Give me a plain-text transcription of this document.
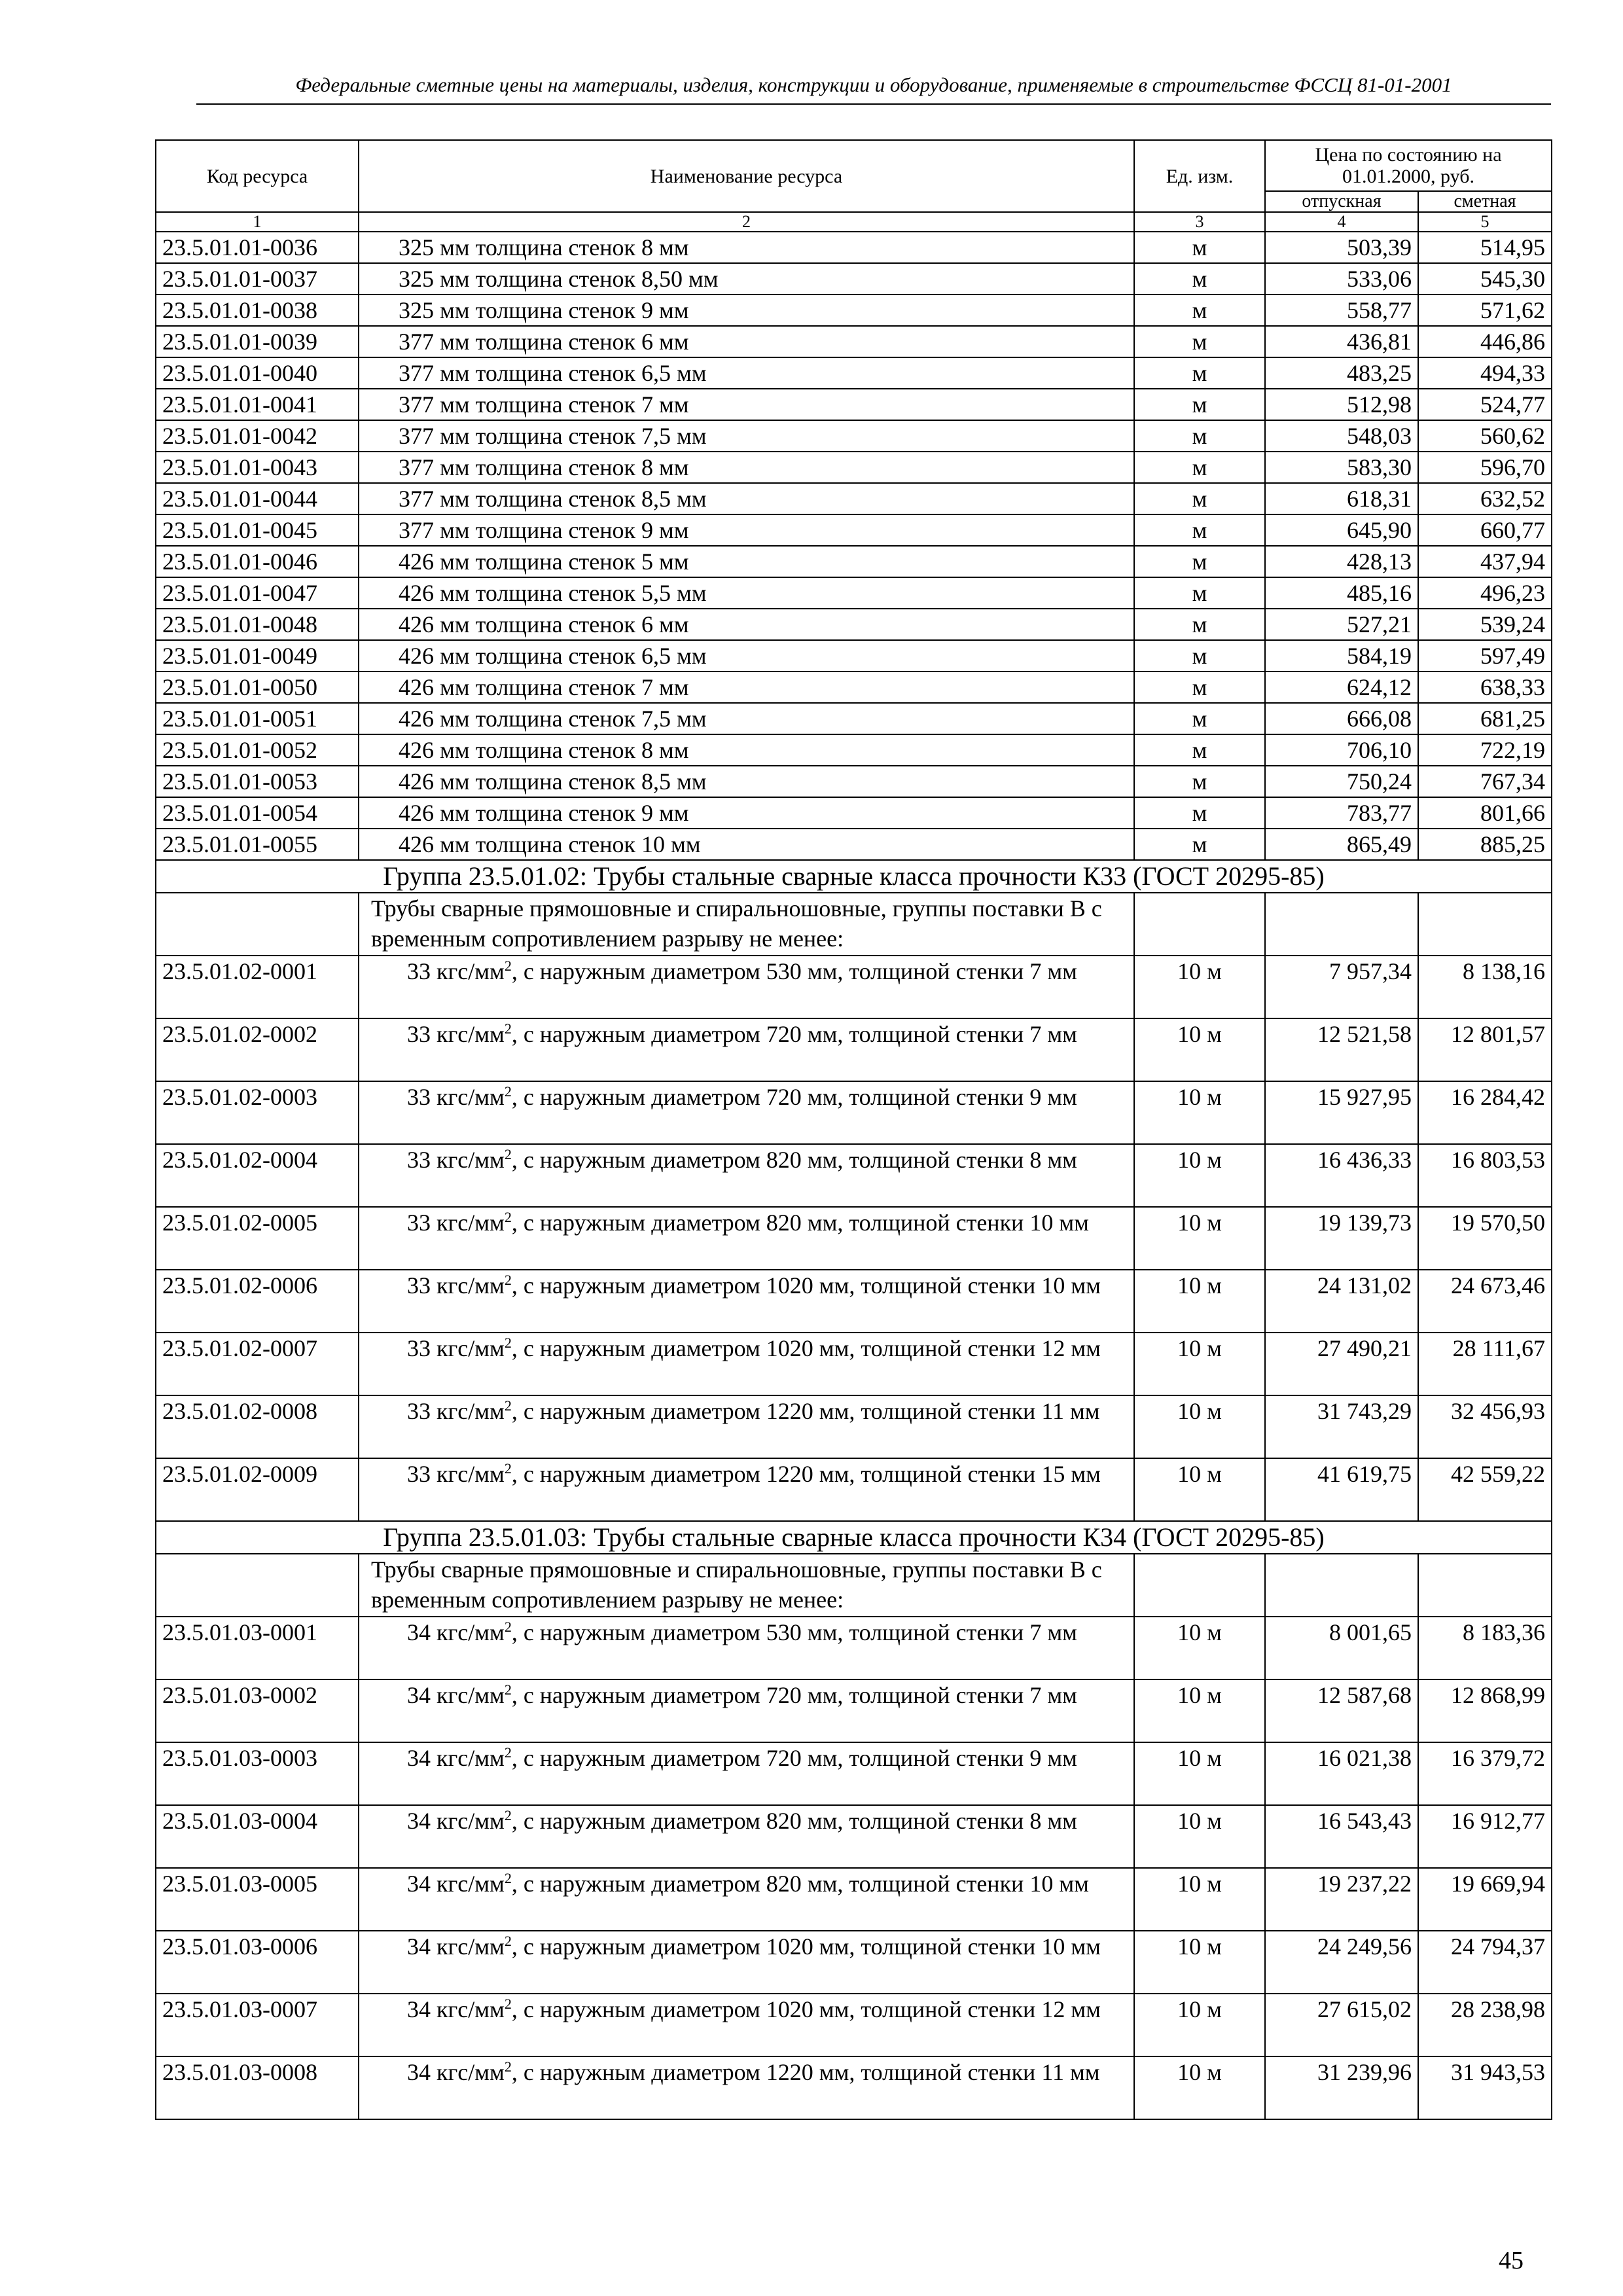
Федеральные сметные цены на материалы, изделия, конструкции и оборудование, применяемые в строительстве ФССЦ 81-01-2001
Код ресурса	Наименование ресурса	Ед. изм.	Цена по состоянию на 01.01.2000, руб.	
			отпускная	сметная
1	2	3	4	5
23.5.01.01-0036	325 мм толщина стенок 8 мм	м	503,39	514,95
23.5.01.01-0037	325 мм толщина стенок 8,50 мм	м	533,06	545,30
23.5.01.01-0038	325 мм толщина стенок 9 мм	м	558,77	571,62
23.5.01.01-0039	377 мм толщина стенок 6 мм	м	436,81	446,86
23.5.01.01-0040	377 мм толщина стенок 6,5 мм	м	483,25	494,33
23.5.01.01-0041	377 мм толщина стенок 7 мм	м	512,98	524,77
23.5.01.01-0042	377 мм толщина стенок 7,5 мм	м	548,03	560,62
23.5.01.01-0043	377 мм толщина стенок 8 мм	м	583,30	596,70
23.5.01.01-0044	377 мм толщина стенок 8,5 мм	м	618,31	632,52
23.5.01.01-0045	377 мм толщина стенок 9 мм	м	645,90	660,77
23.5.01.01-0046	426 мм толщина стенок 5 мм	м	428,13	437,94
23.5.01.01-0047	426 мм толщина стенок 5,5 мм	м	485,16	496,23
23.5.01.01-0048	426 мм толщина стенок 6 мм	м	527,21	539,24
23.5.01.01-0049	426 мм толщина стенок 6,5 мм	м	584,19	597,49
23.5.01.01-0050	426 мм толщина стенок 7 мм	м	624,12	638,33
23.5.01.01-0051	426 мм толщина стенок 7,5 мм	м	666,08	681,25
23.5.01.01-0052	426 мм толщина стенок 8 мм	м	706,10	722,19
23.5.01.01-0053	426 мм толщина стенок 8,5 мм	м	750,24	767,34
23.5.01.01-0054	426 мм толщина стенок 9 мм	м	783,77	801,66
23.5.01.01-0055	426 мм толщина стенок 10 мм	м	865,49	885,25
Группа 23.5.01.02: Трубы стальные сварные класса прочности К33 (ГОСТ 20295-85)				
	Трубы сварные прямошовные и спиральношовные, группы поставки В с временным сопротивлением разрыву не менее:			
23.5.01.02-0001	33 кгс/$мм^2$, с наружным диаметром 530 мм, толщиной стенки 7 мм	10 м	7 957,34	8 138,16
23.5.01.02-0002	33 кгс/$мм^2$, с наружным диаметром 720 мм, толщиной стенки 7 мм	10 м	12 521,58	12 801,57
23.5.01.02-0003	33 кгс/$мм^2$, с наружным диаметром 720 мм, толщиной стенки 9 мм	10 м	15 927,95	16 284,42
23.5.01.02-0004	33 кгс/$мм^2$, с наружным диаметром 820 мм, толщиной стенки 8 мм	10 м	16 436,33	16 803,53
23.5.01.02-0005	33 кгс/$мм^2$, с наружным диаметром 820 мм, толщиной стенки 10 мм	10 м	19 139,73	19 570,50
23.5.01.02-0006	33 кгс/$мм^2$, с наружным диаметром 1020 мм, толщиной стенки 10 мм	10 м	24 131,02	24 673,46
23.5.01.02-0007	33 кгс/$мм^2$, с наружным диаметром 1020 мм, толщиной стенки 12 мм	10 м	27 490,21	28 111,67
23.5.01.02-0008	33 кгс/$мм^2$, с наружным диаметром 1220 мм, толщиной стенки 11 мм	10 м	31 743,29	32 456,93
23.5.01.02-0009	33 кгс/$мм^2$, с наружным диаметром 1220 мм, толщиной стенки 15 мм	10 м	41 619,75	42 559,22
Группа 23.5.01.03: Трубы стальные сварные класса прочности К34 (ГОСТ 20295-85)				
	Трубы сварные прямошовные и спиральношовные, группы поставки В с временным сопротивлением разрыву не менее:			
23.5.01.03-0001	34 кгс/$мм^2$, с наружным диаметром 530 мм, толщиной стенки 7 мм	10 м	8 001,65	8 183,36
23.5.01.03-0002	34 кгс/$мм^2$, с наружным диаметром 720 мм, толщиной стенки 7 мм	10 м	12 587,68	12 868,99
23.5.01.03-0003	34 кгс/$мм^2$, с наружным диаметром 720 мм, толщиной стенки 9 мм	10 м	16 021,38	16 379,72
23.5.01.03-0004	34 кгс/$мм^2$, с наружным диаметром 820 мм, толщиной стенки 8 мм	10 м	16 543,43	16 912,77
23.5.01.03-0005	34 кгс/$мм^2$, с наружным диаметром 820 мм, толщиной стенки 10 мм	10 м	19 237,22	19 669,94
23.5.01.03-0006	34 кгс/$мм^2$, с наружным диаметром 1020 мм, толщиной стенки 10 мм	10 м	24 249,56	24 794,37
23.5.01.03-0007	34 кгс/$мм^2$, с наружным диаметром 1020 мм, толщиной стенки 12 мм	10 м	27 615,02	28 238,98
23.5.01.03-0008	34 кгс/$мм^2$, с наружным диаметром 1220 мм, толщиной стенки 11 мм	10 м	31 239,96	31 943,53
45
